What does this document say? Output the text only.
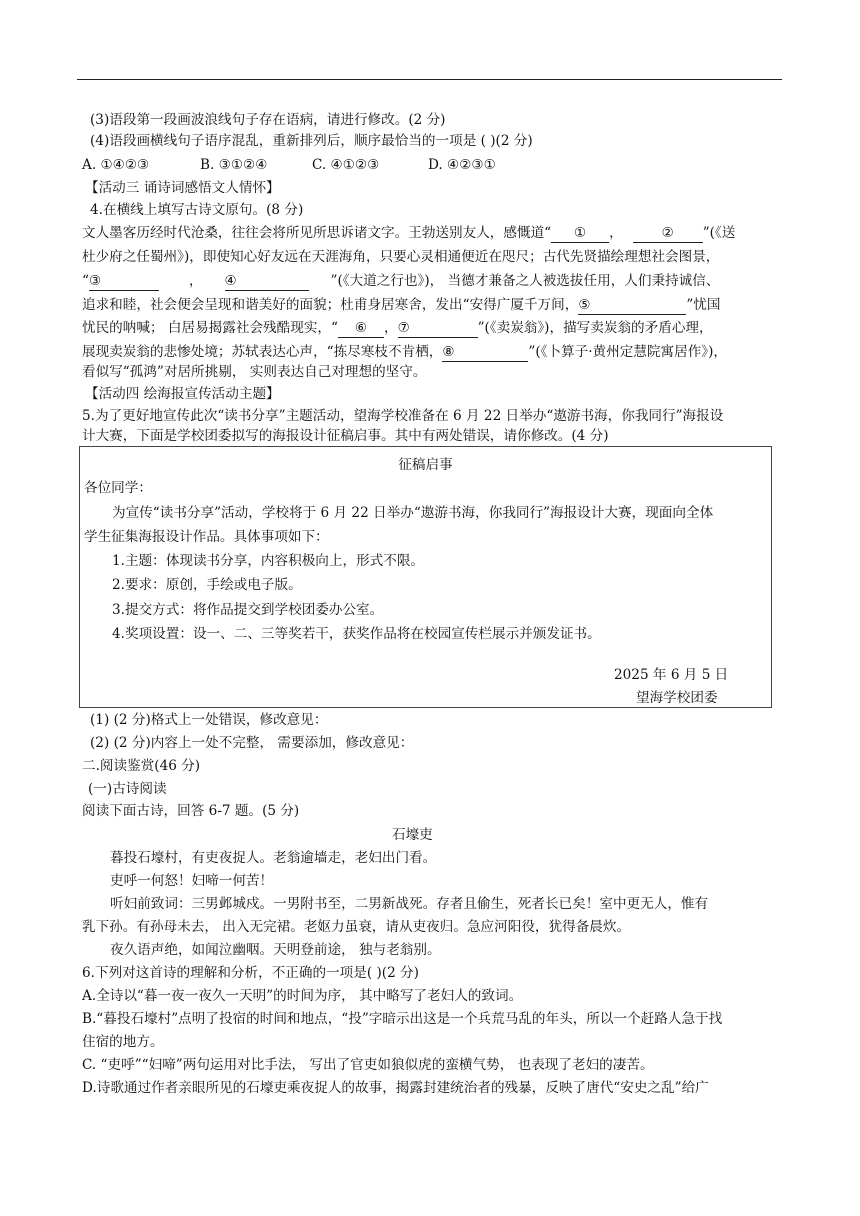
(3)语段第一段画波浪线句子存在语病，请进行修改。(2 分)
(4)语段画横线句子语序混乱，重新排列后，顺序最恰当的一项是 ( )(2 分)
A. ①④②③	B. ③①②④	C. ④①②③	D. ④②③①
【活动三 诵诗词感悟文人情怀】
4.在横线上填写古诗文原句。(8 分)
文人墨客历经时代沧桑，往往会将所见所思诉诸文字。王勃送别友人，感慨道“ ① ，	② ”(《送
杜少府之任蜀州》)，即使知心好友远在天涯海角，只要心灵相通便近在咫尺；古代先贤描绘理想社会图景，
“③	， ④	”(《大道之行也》)， 当德才兼备之人被选拔任用，人们秉持诚信、
追求和睦，社会便会呈现和谐美好的面貌；杜甫身居寒舍，发出“安得广厦千万间，⑤	”忧国
忧民的呐喊； 白居易揭露社会残酷现实，“ ⑥ ，⑦	”(《卖炭翁》)，描写卖炭翁的矛盾心理，
展现卖炭翁的悲惨处境；苏轼表达心声，“拣尽寒枝不肯栖，⑧	”(《卜算子·黄州定慧院寓居作》)，
看似写“孤鸿”对居所挑剔， 实则表达自己对理想的坚守。
【活动四 绘海报宣传活动主题】
5.为了更好地宣传此次“读书分享”主题活动，望海学校准备在 6 月 22 日举办“遨游书海，你我同行”海报设
计大赛，下面是学校团委拟写的海报设计征稿启事。其中有两处错误，请你修改。(4 分)
征稿启事
各位同学：
为宣传“读书分享”活动，学校将于 6 月 22 日举办“遨游书海，你我同行”海报设计大赛，现面向全体
学生征集海报设计作品。具体事项如下：
1.主题：体现读书分享，内容积极向上，形式不限。
2.要求：原创，手绘或电子版。
3.提交方式：将作品提交到学校团委办公室。
4.奖项设置：设一、二、三等奖若干，获奖作品将在校园宣传栏展示并颁发证书。
2025 年 6 月 5 日
望海学校团委
(1) (2 分)格式上一处错误，修改意见：
(2) (2 分)内容上一处不完整， 需要添加，修改意见：
二.阅读鉴赏(46 分)
(一)古诗阅读
阅读下面古诗，回答 6-7 题。(5 分)
石壕吏
暮投石壕村，有吏夜捉人。老翁逾墙走，老妇出门看。
吏呼一何怒！妇啼一何苦！
听妇前致词：三男邺城戍。一男附书至，二男新战死。存者且偷生，死者长已矣！室中更无人，惟有
乳下孙。有孙母未去， 出入无完裙。老妪力虽衰，请从吏夜归。急应河阳役，犹得备晨炊。
夜久语声绝，如闻泣幽咽。天明登前途， 独与老翁别。
6.下列对这首诗的理解和分析，不正确的一项是( )(2 分)
A.全诗以“暮一夜一夜久一天明”的时间为序， 其中略写了老妇人的致词。
B.“暮投石壕村”点明了投宿的时间和地点，“投”字暗示出这是一个兵荒马乱的年头，所以一个赶路人急于找
住宿的地方。
C. “吏呼”“妇啼”两句运用对比手法， 写出了官吏如狼似虎的蛮横气势， 也表现了老妇的凄苦。
D.诗歌通过作者亲眼所见的石壕吏乘夜捉人的故事，揭露封建统治者的残暴，反映了唐代“安史之乱”给广
